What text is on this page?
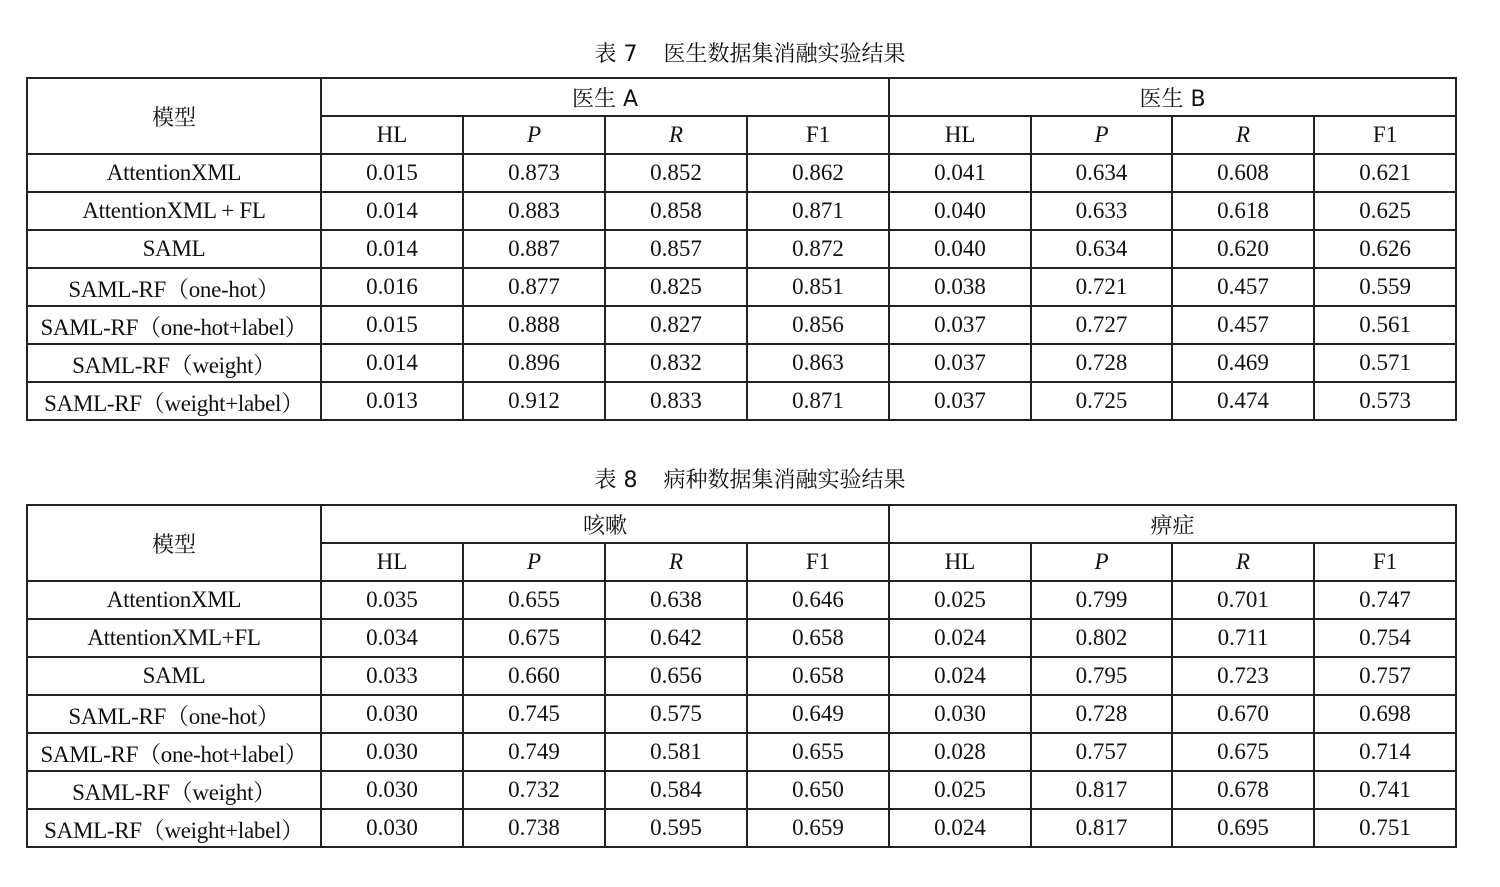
表 7 医生数据集消融实验结果
模型	医生 A				医生 B			
	HL	P	R	F1	HL	P	R	F1
AttentionXML	0.015	0.873	0.852	0.862	0.041	0.634	0.608	0.621
AttentionXML + FL	0.014	0.883	0.858	0.871	0.040	0.633	0.618	0.625
SAML	0.014	0.887	0.857	0.872	0.040	0.634	0.620	0.626
SAML-RF（one-hot）	0.016	0.877	0.825	0.851	0.038	0.721	0.457	0.559
SAML-RF（one-hot+label）	0.015	0.888	0.827	0.856	0.037	0.727	0.457	0.561
SAML-RF（weight）	0.014	0.896	0.832	0.863	0.037	0.728	0.469	0.571
SAML-RF（weight+label）	0.013	0.912	0.833	0.871	0.037	0.725	0.474	0.573
表 8 病种数据集消融实验结果
模型	咳嗽				痹症			
	HL	P	R	F1	HL	P	R	F1
AttentionXML	0.035	0.655	0.638	0.646	0.025	0.799	0.701	0.747
AttentionXML+FL	0.034	0.675	0.642	0.658	0.024	0.802	0.711	0.754
SAML	0.033	0.660	0.656	0.658	0.024	0.795	0.723	0.757
SAML-RF（one-hot）	0.030	0.745	0.575	0.649	0.030	0.728	0.670	0.698
SAML-RF（one-hot+label）	0.030	0.749	0.581	0.655	0.028	0.757	0.675	0.714
SAML-RF（weight）	0.030	0.732	0.584	0.650	0.025	0.817	0.678	0.741
SAML-RF（weight+label）	0.030	0.738	0.595	0.659	0.024	0.817	0.695	0.751
